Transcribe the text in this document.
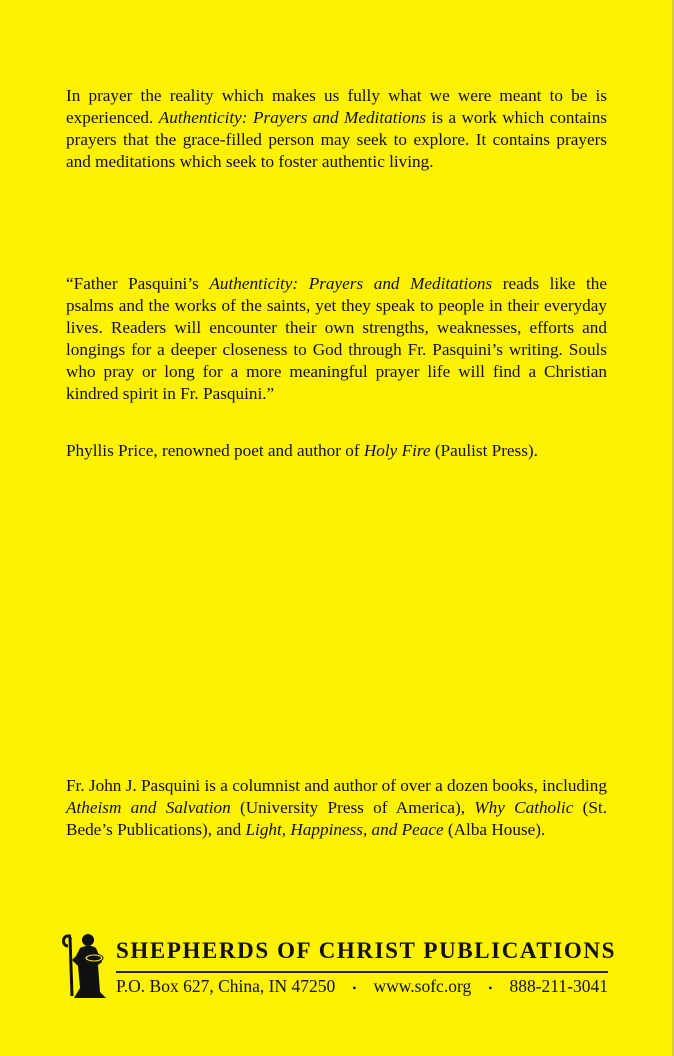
In prayer the reality which makes us fully what we were meant to be is experienced. Authenticity: Prayers and Meditations is a work which contains prayers that the grace-filled person may seek to explore. It contains prayers and meditations which seek to foster authentic living.

“Father Pasquini’s Authenticity: Prayers and Meditations reads like the psalms and the works of the saints, yet they speak to people in their everyday lives. Readers will encounter their own strengths, weaknesses, efforts and longings for a deeper closeness to God through Fr. Pasquini’s writing. Souls who pray or long for a more meaningful prayer life will find a Christian kindred spirit in Fr. Pasquini.”

Phyllis Price, renowned poet and author of Holy Fire (Paulist Press).

Fr. John J. Pasquini is a columnist and author of over a dozen books, including Atheism and Salvation (University Press of America), Why Catholic (St. Bede’s Publications), and Light, Happiness, and Peace (Alba House).

SHEPHERDS OF CHRIST PUBLICATIONS
P.O. Box 627, China, IN 47250	• www.sofc.org	• 888-211-3041
